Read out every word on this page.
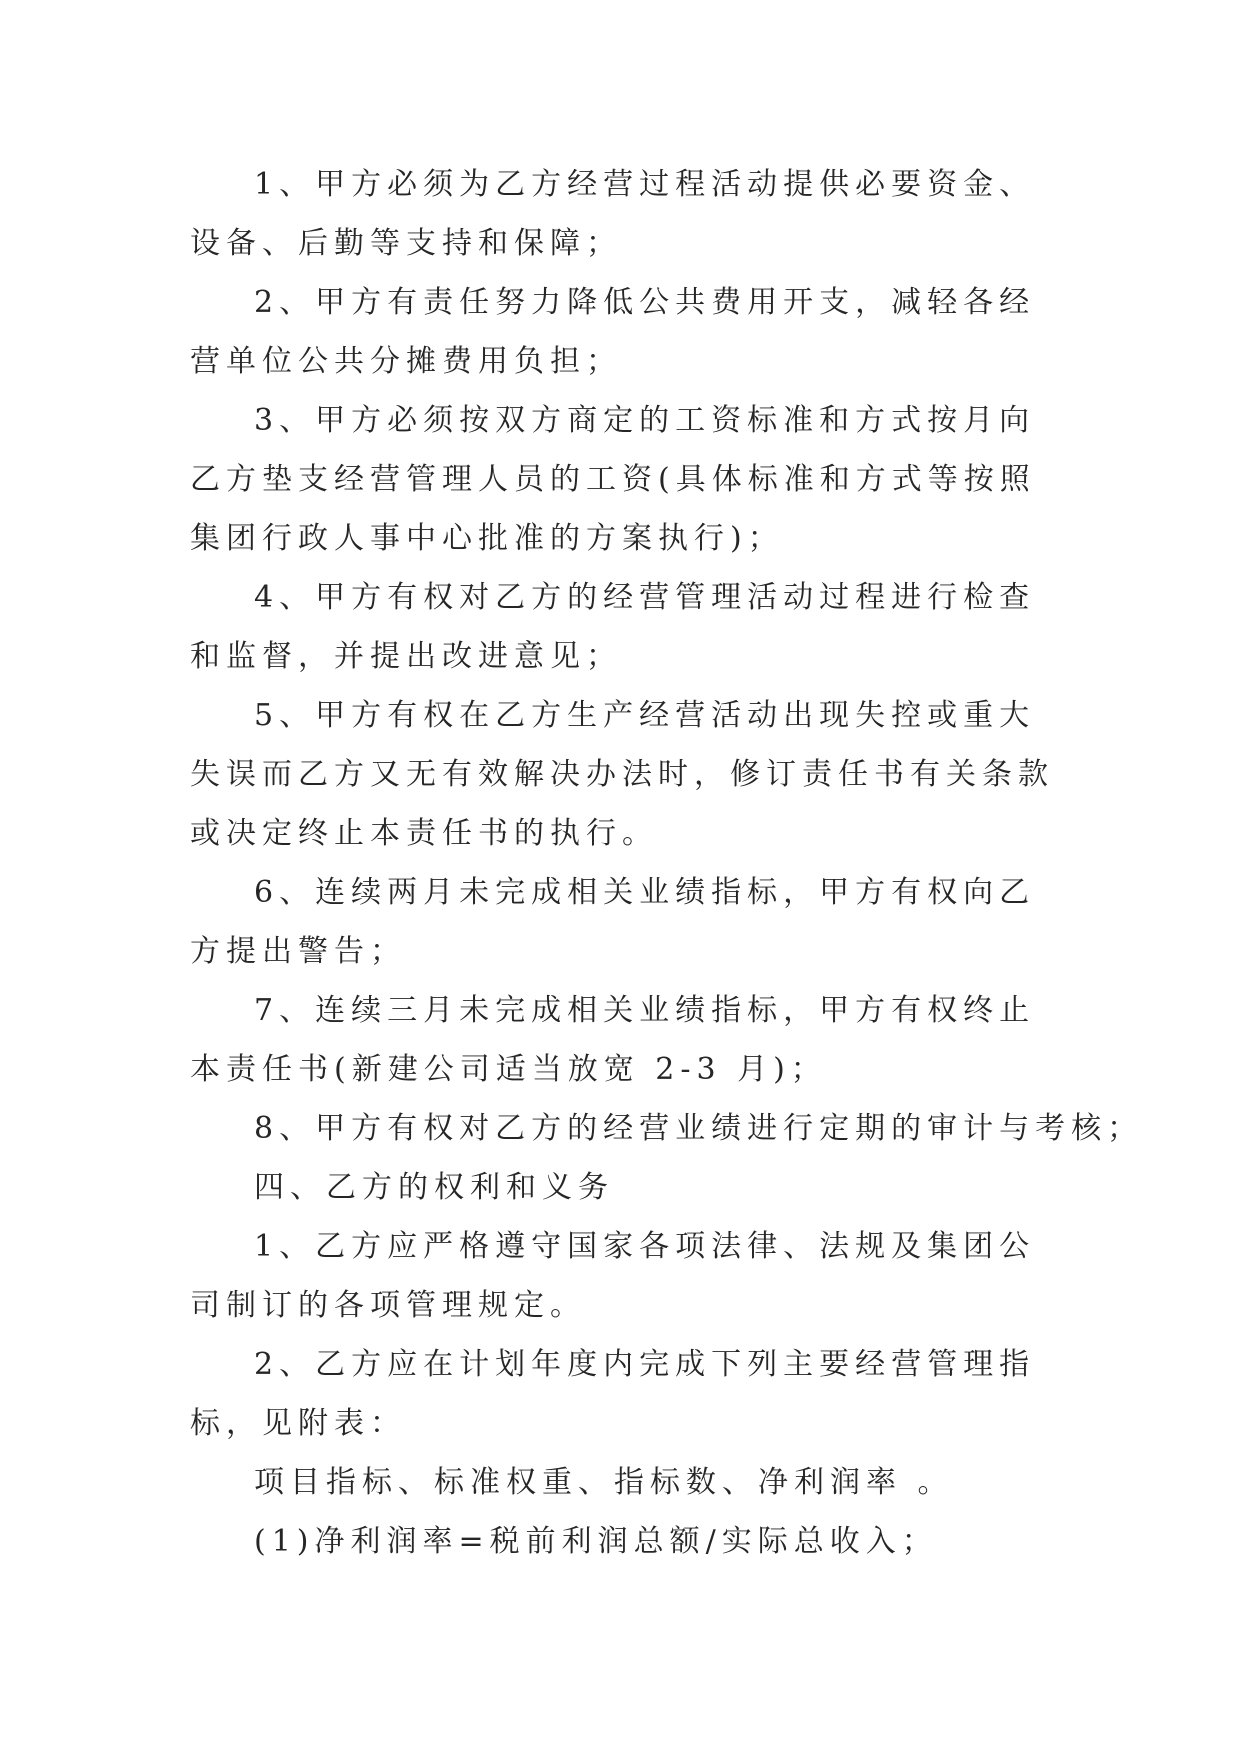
1、甲方必须为乙方经营过程活动提供必要资金、设备、后勤等支持和保障；

2、甲方有责任努力降低公共费用开支，减轻各经营单位公共分摊费用负担；

3、甲方必须按双方商定的工资标准和方式按月向乙方垫支经营管理人员的工资(具体标准和方式等按照集团行政人事中心批准的方案执行)；

4、甲方有权对乙方的经营管理活动过程进行检查和监督，并提出改进意见；

5、甲方有权在乙方生产经营活动出现失控或重大失误而乙方又无有效解决办法时，修订责任书有关条款或决定终止本责任书的执行。

6、连续两月未完成相关业绩指标，甲方有权向乙方提出警告；

7、连续三月未完成相关业绩指标，甲方有权终止本责任书(新建公司适当放宽 2-3 月)；

8、甲方有权对乙方的经营业绩进行定期的审计与考核；

四、乙方的权利和义务

1、乙方应严格遵守国家各项法律、法规及集团公司制订的各项管理规定。

2、乙方应在计划年度内完成下列主要经营管理指标，见附表：

项目指标、标准权重、指标数、净利润率 。

(1)净利润率=税前利润总额/实际总收入；
